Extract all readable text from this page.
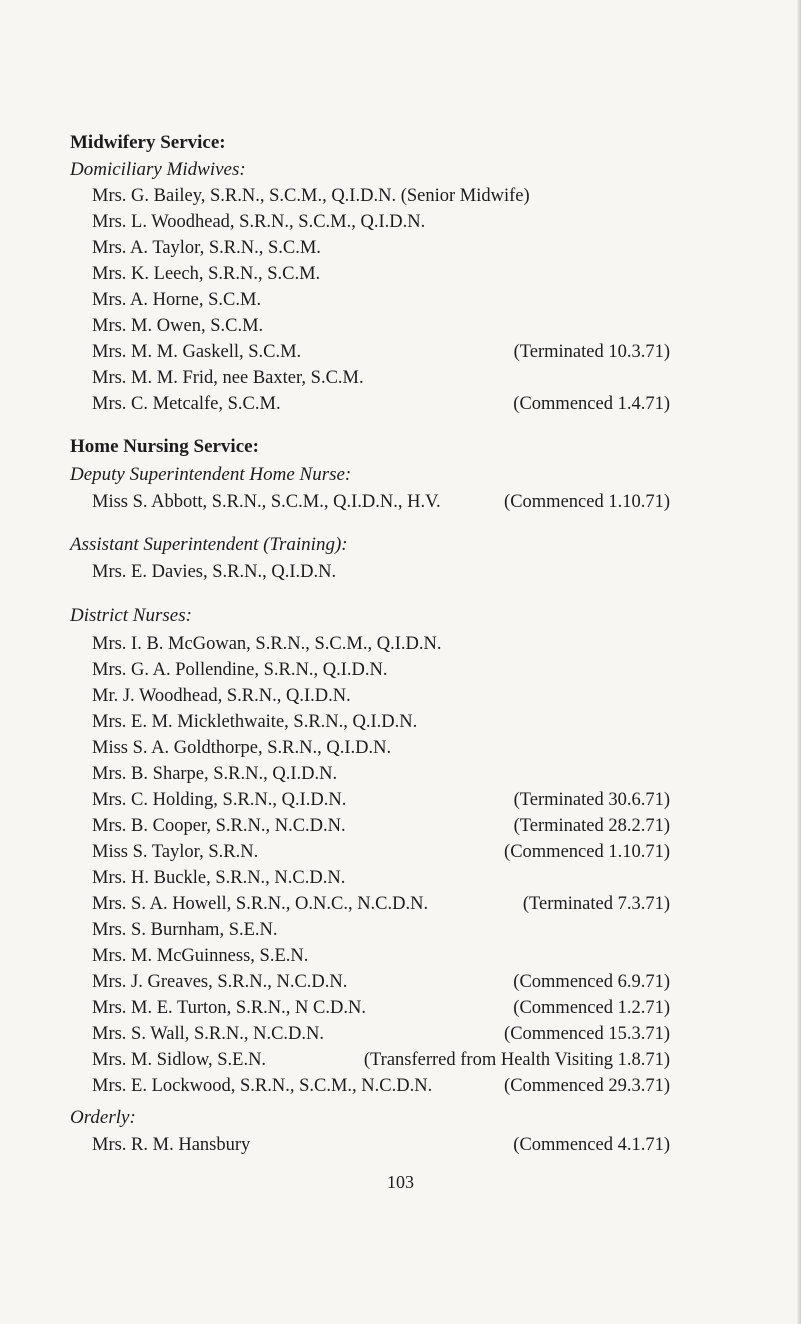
Midwifery Service:
Domiciliary Midwives:
Mrs. G. Bailey, S.R.N., S.C.M., Q.I.D.N. (Senior Midwife)
Mrs. L. Woodhead, S.R.N., S.C.M., Q.I.D.N.
Mrs. A. Taylor, S.R.N., S.C.M.
Mrs. K. Leech, S.R.N., S.C.M.
Mrs. A. Horne, S.C.M.
Mrs. M. Owen, S.C.M.
Mrs. M. M. Gaskell, S.C.M.	(Terminated 10.3.71)
Mrs. M. M. Frid, nee Baxter, S.C.M.
Mrs. C. Metcalfe, S.C.M.	(Commenced 1.4.71)
Home Nursing Service:
Deputy Superintendent Home Nurse:
Miss S. Abbott, S.R.N., S.C.M., Q.I.D.N., H.V.	(Commenced 1.10.71)
Assistant Superintendent (Training):
Mrs. E. Davies, S.R.N., Q.I.D.N.
District Nurses:
Mrs. I. B. McGowan, S.R.N., S.C.M., Q.I.D.N.
Mrs. G. A. Pollendine, S.R.N., Q.I.D.N.
Mr. J. Woodhead, S.R.N., Q.I.D.N.
Mrs. E. M. Micklethwaite, S.R.N., Q.I.D.N.
Miss S. A. Goldthorpe, S.R.N., Q.I.D.N.
Mrs. B. Sharpe, S.R.N., Q.I.D.N.
Mrs. C. Holding, S.R.N., Q.I.D.N.	(Terminated 30.6.71)
Mrs. B. Cooper, S.R.N., N.C.D.N.	(Terminated 28.2.71)
Miss S. Taylor, S.R.N.	(Commenced 1.10.71)
Mrs. H. Buckle, S.R.N., N.C.D.N.
Mrs. S. A. Howell, S.R.N., O.N.C., N.C.D.N.	(Terminated 7.3.71)
Mrs. S. Burnham, S.E.N.
Mrs. M. McGuinness, S.E.N.
Mrs. J. Greaves, S.R.N., N.C.D.N.	(Commenced 6.9.71)
Mrs. M. E. Turton, S.R.N., N C.D.N.	(Commenced 1.2.71)
Mrs. S. Wall, S.R.N., N.C.D.N.	(Commenced 15.3.71)
Mrs. M. Sidlow, S.E.N.	(Transferred from Health Visiting 1.8.71)
Mrs. E. Lockwood, S.R.N., S.C.M., N.C.D.N.	(Commenced 29.3.71)
Orderly:
Mrs. R. M. Hansbury	(Commenced 4.1.71)
103
